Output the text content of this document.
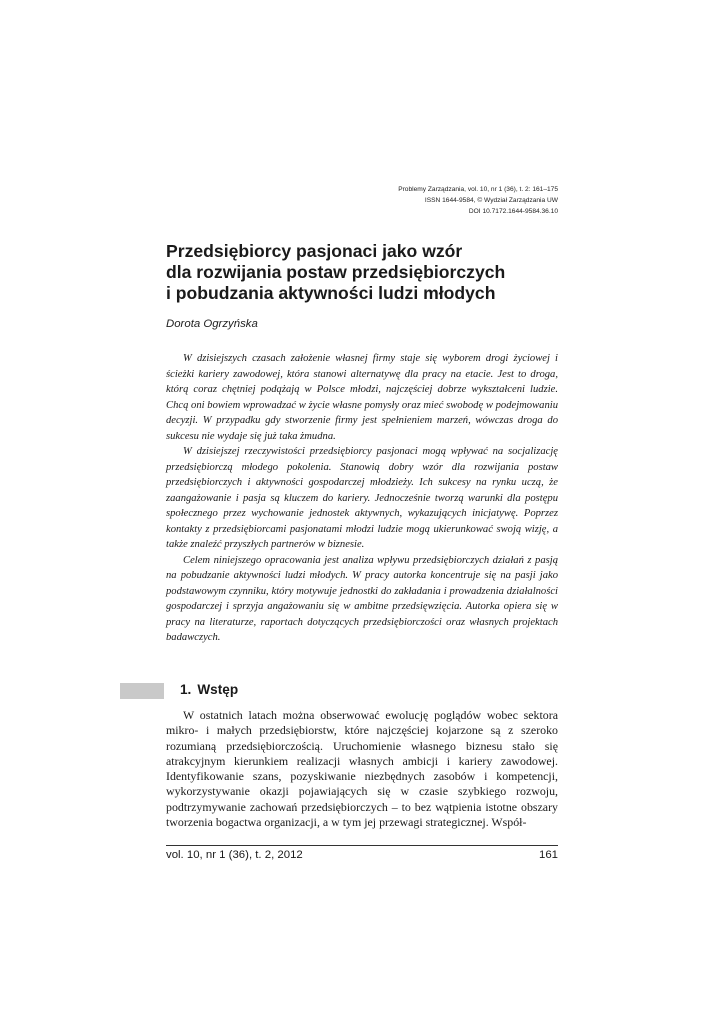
Problemy Zarządzania, vol. 10, nr 1 (36), t. 2: 161–175
ISSN 1644-9584, © Wydział Zarządzania UW
DOI 10.7172.1644-9584.36.10
Przedsiębiorcy pasjonaci jako wzór
dla rozwijania postaw przedsiębiorczych
i pobudzania aktywności ludzi młodych
Dorota Ogrzyńska

W dzisiejszych czasach założenie własnej firmy staje się wyborem drogi życiowej i ścieżki kariery zawodowej, która stanowi alternatywę dla pracy na etacie. Jest to droga, którą coraz chętniej podążają w Polsce młodzi, najczęściej dobrze wykształceni ludzie. Chcą oni bowiem wprowadzać w życie własne pomysły oraz mieć swobodę w podejmowaniu decyzji. W przypadku gdy stworzenie firmy jest spełnieniem marzeń, wówczas droga do sukcesu nie wydaje się już taka żmudna.

W dzisiejszej rzeczywistości przedsiębiorcy pasjonaci mogą wpływać na socjalizację przedsiębiorczą młodego pokolenia. Stanowią dobry wzór dla rozwijania postaw przedsiębiorczych i aktywności gospodarczej młodzieży. Ich sukcesy na rynku uczą, że zaangażowanie i pasja są kluczem do kariery. Jednocześnie tworzą warunki dla postępu społecznego przez wychowanie jednostek aktywnych, wykazujących inicjatywę. Poprzez kontakty z przedsiębiorcami pasjonatami młodzi ludzie mogą ukierunkować swoją wizję, a także znaleźć przyszłych partnerów w biznesie.

Celem niniejszego opracowania jest analiza wpływu przedsiębiorczych działań z pasją na pobudzanie aktywności ludzi młodych. W pracy autorka koncentruje się na pasji jako podstawowym czynniku, który motywuje jednostki do zakładania i prowadzenia działalności gospodarczej i sprzyja angażowaniu się w ambitne przedsięwzięcia. Autorka opiera się w pracy na literaturze, raportach dotyczących przedsiębiorczości oraz własnych projektach badawczych.

1. Wstęp

W ostatnich latach można obserwować ewolucję poglądów wobec sektora mikro- i małych przedsiębiorstw, które najczęściej kojarzone są z szeroko rozumianą przedsiębiorczością. Uruchomienie własnego biznesu stało się atrakcyjnym kierunkiem realizacji własnych ambicji i kariery zawodowej. Identyfikowanie szans, pozyskiwanie niezbędnych zasobów i kompetencji, wykorzystywanie okazji pojawiających się w czasie szybkiego rozwoju, podtrzymywanie zachowań przedsiębiorczych – to bez wątpienia istotne obszary tworzenia bogactwa organizacji, a w tym jej przewagi strategicznej. Współ-

vol. 10, nr 1 (36), t. 2, 2012	161
